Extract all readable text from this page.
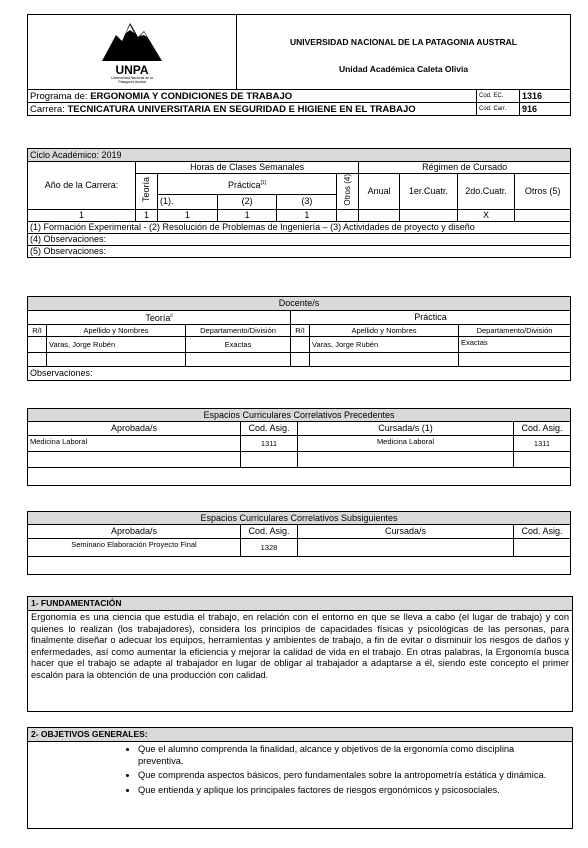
UNPA
Universidad Nacional de la Patagonia Austral

UNIVERSIDAD NACIONAL DE LA PATAGONIA AUSTRAL
Unidad Académica Caleta Olivia
Programa de: ERGONOMIA Y CONDICIONES DE TRABAJO	Cod. EC.	1316
Carrera: TECNICATURA UNIVERSITARIA EN SEGURIDAD E HIGIENE EN EL TRABAJO	Cod. Carr.	916
Ciclo Académico: 2019									
Año de la Carrera:	Horas de Clases Semanales					Régimen de Cursado			
	Teoría	Práctica[1]			Otros (4)	Anual	1er.Cuatr.	2do.Cuatr.	Otros (5)
		(1).	(2)	(3)					
1	1	1	1	1				X	
(1) Formación Experimental - (2) Resolución de Problemas de Ingeniería – (3) Actividades de proyecto y diseño									
(4) Observaciones:									
(5) Observaciones:									
Docente/s					
Teoría$^{ii}$			Práctica		
R/I	Apellido y Nombres	Departamento/División	R/I	Apellido y Nombres	Departamento/División
	Varas, Jorge Rubén	Exactas		Varas, Jorge Rubén	Exactas

Observaciones:					
Espacios Curriculares Correlativos Precedentes			
Aprobada/s	Cod. Asig.	Cursada/s (1)	Cod. Asig.
Medicina Laboral	1311	Medicina Laboral	1311

Espacios Curriculares Correlativos Subsiguientes			
Aprobada/s	Cod. Asig.	Cursada/s	Cod. Asig.
Seminario Elaboración Proyecto Final	1328		

1- FUNDAMENTACIÓN
Ergonomía es una ciencia que estudia el trabajo, en relación con el entorno en que se lleva a cabo (el lugar de trabajo) y con quienes lo realizan (los trabajadores), considera los principios de capacidades físicas y psicológicas de las personas, para finalmente diseñar o adecuar los equipos, herramientas y ambientes de trabajo, a fin de evitar o disminuir los riesgos de daños y enfermedades, así como aumentar la eficiencia y mejorar la calidad de vida en el trabajo. En otras palabras, la Ergonomía busca hacer que el trabajo se adapte al trabajador en lugar de obligar al trabajador a adaptarse a él, siendo este concepto el primer escalón para la obtención de una producción con calidad.
2- OBJETIVOS GENERALES:
• Que el alumno comprenda la finalidad, alcance y objetivos de la ergonomía como disciplina preventiva.
• Que comprenda aspectos básicos, pero fundamentales sobre la antropometría estática y dinámica.
• Que entienda y aplique los principales factores de riesgos ergonómicos y psicosociales.
